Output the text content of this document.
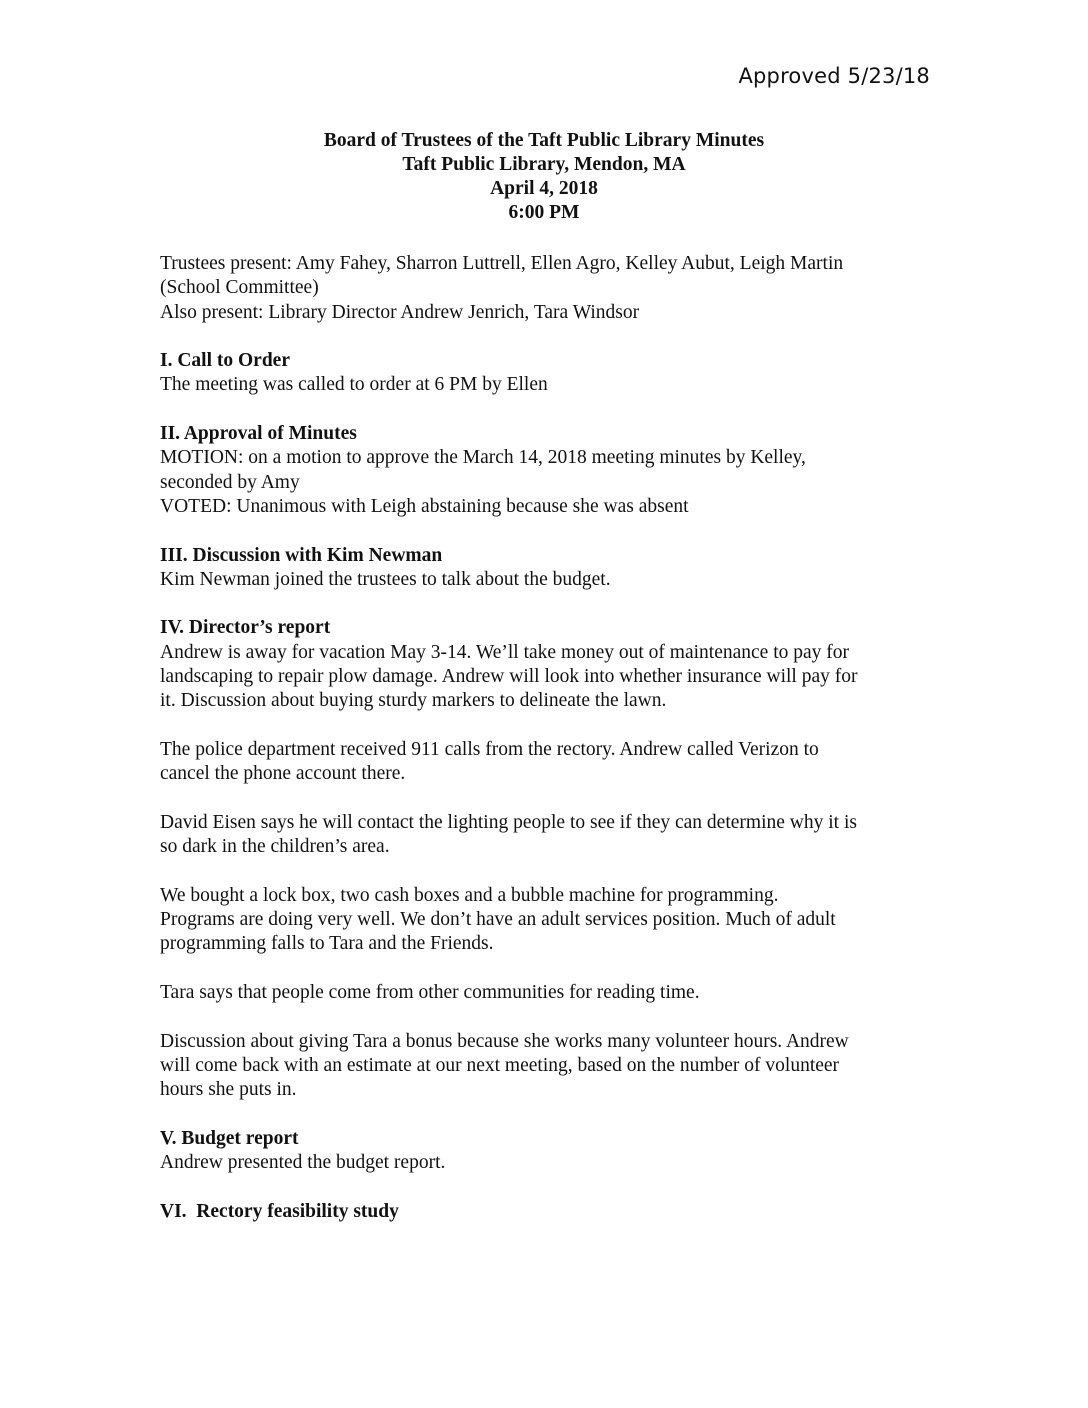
Approved 5/23/18
Board of Trustees of the Taft Public Library Minutes
Taft Public Library, Mendon, MA
April 4, 2018
6:00 PM

Trustees present: Amy Fahey, Sharron Luttrell, Ellen Agro, Kelley Aubut, Leigh Martin
(School Committee)
Also present: Library Director Andrew Jenrich, Tara Windsor

I. Call to Order

The meeting was called to order at 6 PM by Ellen

II. Approval of Minutes

MOTION: on a motion to approve the March 14, 2018 meeting minutes by Kelley,
seconded by Amy
VOTED: Unanimous with Leigh abstaining because she was absent

III. Discussion with Kim Newman

Kim Newman joined the trustees to talk about the budget.

IV. Director’s report

Andrew is away for vacation May 3-14. We’ll take money out of maintenance to pay for
landscaping to repair plow damage. Andrew will look into whether insurance will pay for
it. Discussion about buying sturdy markers to delineate the lawn.

The police department received 911 calls from the rectory. Andrew called Verizon to
cancel the phone account there.

David Eisen says he will contact the lighting people to see if they can determine why it is
so dark in the children’s area.

We bought a lock box, two cash boxes and a bubble machine for programming.
Programs are doing very well. We don’t have an adult services position. Much of adult
programming falls to Tara and the Friends.

Tara says that people come from other communities for reading time.

Discussion about giving Tara a bonus because she works many volunteer hours. Andrew
will come back with an estimate at our next meeting, based on the number of volunteer
hours she puts in.

V. Budget report

Andrew presented the budget report.

VI.  Rectory feasibility study
